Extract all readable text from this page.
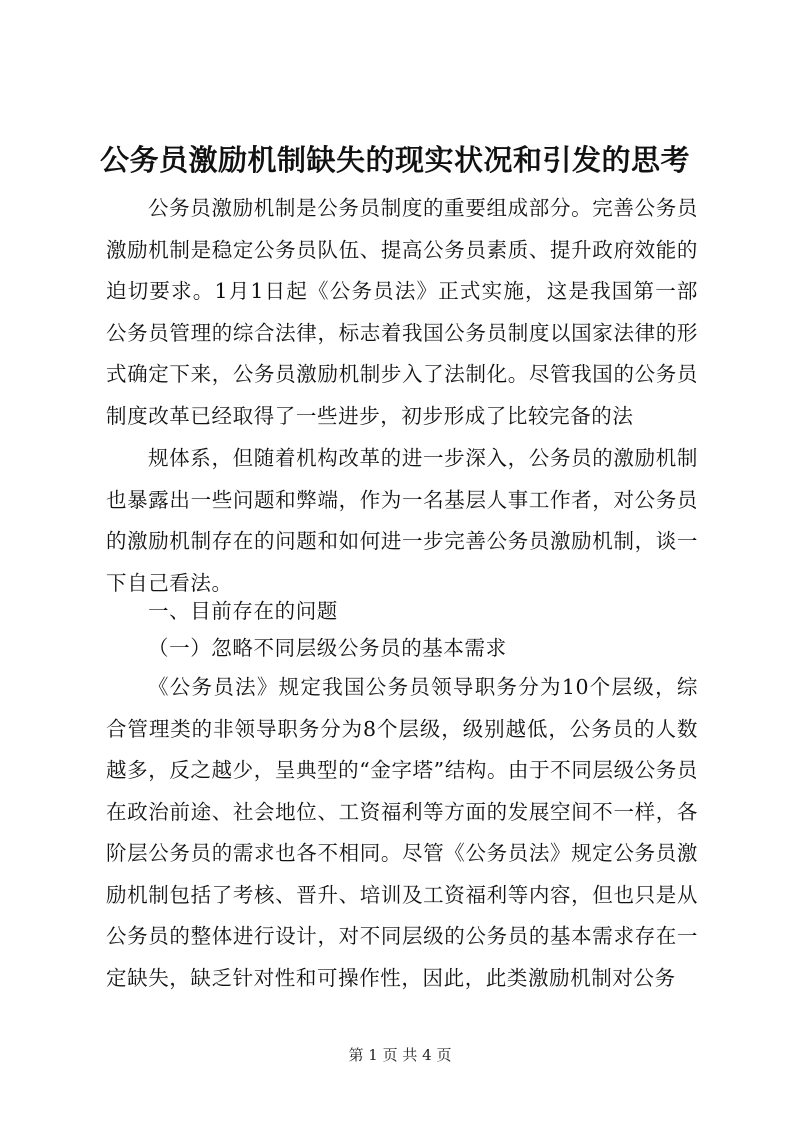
公务员激励机制缺失的现实状况和引发的思考

公务员激励机制是公务员制度的重要组成部分。完善公务员激励机制是稳定公务员队伍、提高公务员素质、提升政府效能的迫切要求。1月1日起《公务员法》正式实施，这是我国第一部公务员管理的综合法律，标志着我国公务员制度以国家法律的形式确定下来，公务员激励机制步入了法制化。尽管我国的公务员制度改革已经取得了一些进步，初步形成了比较完备的法

规体系，但随着机构改革的进一步深入，公务员的激励机制也暴露出一些问题和弊端，作为一名基层人事工作者，对公务员的激励机制存在的问题和如何进一步完善公务员激励机制，谈一下自己看法。

一、目前存在的问题

（一）忽略不同层级公务员的基本需求

《公务员法》规定我国公务员领导职务分为10个层级，综合管理类的非领导职务分为8个层级，级别越低，公务员的人数越多，反之越少，呈典型的“金字塔”结构。由于不同层级公务员在政治前途、社会地位、工资福利等方面的发展空间不一样，各阶层公务员的需求也各不相同。尽管《公务员法》规定公务员激励机制包括了考核、晋升、培训及工资福利等内容，但也只是从公务员的整体进行设计，对不同层级的公务员的基本需求存在一定缺失，缺乏针对性和可操作性，因此，此类激励机制对公务

第 1 页 共 4 页
